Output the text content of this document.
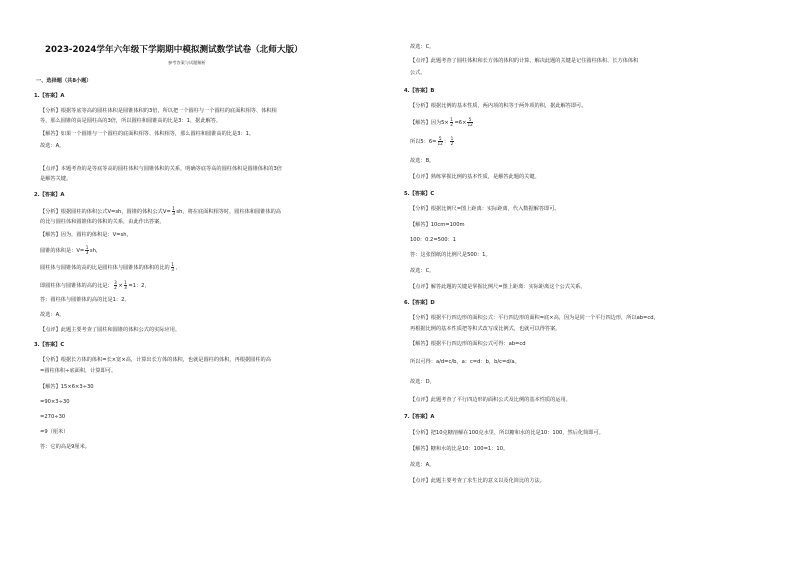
2023-2024学年六年级下学期期中模拟测试数学试卷（北师大版）
参考答案与试题解析
一、选择题（共8小题）
1.【答案】A
【分析】根据等底等高的圆柱体积是圆锥体积的3倍，所以把一个圆柱与一个圆柱的底面积相等、体积相
等，那么圆锥的高是圆柱高的3倍，所以圆柱和圆锥高的比是3：1，据此解答。
【解答】如果一个圆锥与一个圆柱的底面积相等、体积相等，那么圆柱和圆锥高的比是3：1。
故选：A。
【点评】本题考查的是等底等高的圆柱体积与圆锥体积的关系，明确等底等高的圆柱体积是圆锥体积的3倍
是解答关键。
2.【答案】A
【分析】根据圆柱的体积公式V=sh，圆锥的体积公式$V= \frac{1}{3}$ sh，将在底面积相等时，圆柱体和圆锥体的高
的比与圆柱体和圆锥体的体积的关系，由此作出答案。
【解答】因为，圆柱的体积是：V=sh，
圆锥的体积是：$V= \frac{1}{3}$ sh，
圆柱体与圆锥体的高的比是圆柱体与圆锥体的体积的比的 $\frac{1}{3}$ ，
即圆柱体与圆锥体的高的比是： $\frac{3}{2} \times \frac{1}{3} =1$：2，
答：圆柱体与圆锥体的高的比是1：2。
故选：A。
【点评】此题主要考查了圆柱和圆锥的体积公式的实际应用。
3.【答案】C
【分析】根据长方体的体积=长×宽×高，计算出长方体的体积，也就是圆柱的体积，再根据圆柱的高
=圆柱体积÷底面积，计算即可。
【解答】15×6×3÷30
=90×3÷30
=270÷30
=9（厘米）
答：它的高是9厘米。
故选：C。
【点评】此题考查了圆柱体积和长方体的体积的计算，解决此题的关键是记住圆柱体积、长方体体积
公式。
4.【答案】B
【分析】根据比例的基本性质，两内项的积等于两外项的积，据此解答即可。
【解答】因为$5\times \frac{1}{2} =6\times \frac{5}{12}$
所以5：$6= \frac{5}{12}$ ： $\frac{1}{2}$
故选：B。
【点评】熟练掌握比例的基本性质，是解答此题的关键。
5.【答案】C
【分析】根据比例尺=图上距离：实际距离，代入数据解答即可。
【解答】10cm=100m
100：0.2=500：1
答：这张图纸的比例尺是500：1。
故选：C。
【点评】解答此题的关键是掌握比例尺=图上距离：实际距离这个公式关系。
6.【答案】D
【分析】根据平行四边形的面积公式：平行四边形的面积=底×高，因为是同一个平行四边形，所以ab=cd，
再根据比例的基本性质把等积式改写成比例式，也就可以得答案。
【解答】根据平行四边形的面积公式可得：ab=cd
所以可得：a/d=c/b，a：c=d：b，b/c=d/a。
故选：D。
【点评】此题考查了平行四边形的面积公式及比例的基本性质的运用。
7.【答案】A
【分析】把10克糖溶解在100克水里，所以糖和水的比是10：100，然后化简即可。
【解答】糖和水的比是10：100=1：10。
故选：A。
【点评】此题主要考查了求生比的意义以及化简比的方法。
